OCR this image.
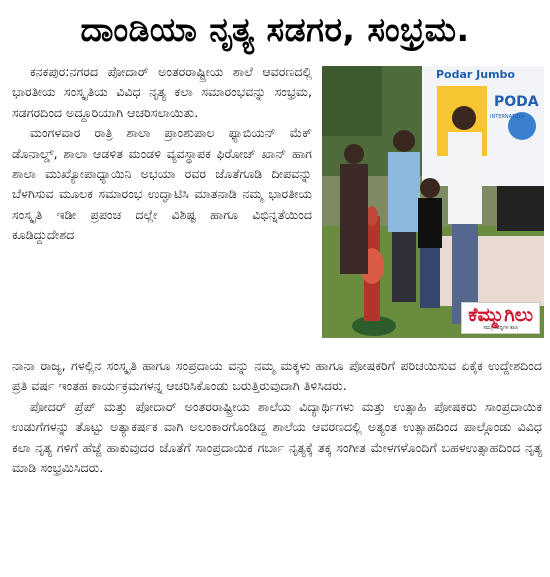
ದಾಂಡಿಯಾ ನೃತ್ಯ ಸಡಗರ, ಸಂಭ್ರಮ.

ಕನಕಪುರ:ನಗರದ ಪೋದಾರ್ ಅಂತರರಾಷ್ಟ್ರೀಯ ಶಾಲೆ ಆವರಣದಲ್ಲಿ ಭಾರತೀಯ ಸಂಸ್ಕೃತಿಯ ವಿವಿಧ ನೃತ್ಯ ಕಲಾ ಸಮಾರಂಭವನ್ನು ಸಂಭ್ರಮ, ಸಡಗರದಿಂದ ಅದ್ದೂರಿಯಾಗಿ ಆಚರಿಸಲಾಯಿತು.

ಮಂಗಳವಾರ ರಾತ್ರಿ ಶಾಲಾ ಪ್ರಾಂಶುಪಾಲ ಫ್ಯಾಬಿಯನ್ ಮೆಕ್ ಡೊನಾಲ್ಡ್, ಶಾಲಾ ಆಡಳಿತ ಮಂಡಳಿ ವ್ಯವಸ್ಥಾಪಕ ಫಿರೋಜ್ ಖಾನ್ ಹಾಗ ಶಾಲಾ ಮುಖ್ಯೋಪಾಧ್ಯಾಯಿನಿ ಅಭಯಾ ರವರ ಜೊತೆಗೂಡಿ ದೀಪವನ್ನು ಬೆಳಗಿಸುವ ಮೂಲಕ ಸಮಾರಂಭ ಉದ್ಘಾಟಿಸಿ ಮಾತನಾಡಿ ನಮ್ಮ ಭಾರತೀಯ ಸಂಸ್ಕೃತಿ ಇಡೀ ಪ್ರಪಂಚ ದಲ್ಲೇ ವಿಶಿಷ್ಟ ಹಾಗೂ ವಿಭಿನ್ನತೆಯಿಂದ ಕೂಡಿದ್ದುದೇಶದ

Podar Jumbo
PODA
INTERNATION
ಕೆಮ್ಮುಗಿಲು
ಸಮಗ್ರ ಸುದ್ದಿಗಳ ತಾಣ

ನಾನಾ ರಾಜ್ಯ, ಗಳಲ್ಲಿನ ಸಂಸ್ಕೃತಿ ಹಾಗೂ ಸಂಪ್ರದಾಯ ವನ್ನು ನಮ್ಮ ಮಕ್ಕಳು ಹಾಗೂ ಪೋಷಕರಿಗೆ ಪರಿಚಯಿಸುವ ಏಕೈಕ ಉದ್ದೇಶದಿಂದ ಪ್ರತಿ ವರ್ಷ ಇಂತಹ ಕಾರ್ಯಕ್ರಮಗಳನ್ನ ಆಚರಿಸಿಕೊಂಡು ಬರುತ್ತಿರುವುದಾಗಿ ತಿಳಿಸಿದರು.

ಪೋದರ್ ಪ್ರೆಪ್ ಮತ್ತು ಪೋದಾರ್ ಅಂತರರಾಷ್ಟ್ರೀಯ ಶಾಲೆಯ ವಿದ್ಯಾರ್ಥಿಗಳು ಮತ್ತು ಉತ್ಸಾಹಿ ಪೋಷಕರು ಸಾಂಪ್ರದಾಯಿಕ ಉಡುಗೆಗಳನ್ನು ತೊಟ್ಟು ಅತ್ಯಾಕರ್ಷಕ ವಾಗಿ ಅಲಂಕಾರಗೊಂಡಿದ್ದ ಶಾಲೆಯ ಆವರಣದಲ್ಲಿ ಅತ್ಯಂತ ಉತ್ಸಾಹದಿಂದ ಪಾಲ್ಗೊಂಡು ವಿವಿಧ ಕಲಾ ನೃತ್ಯ ಗಳಿಗೆ ಹೆಜ್ಜೆ ಹಾಕುವುದರ ಜೊತೆಗೆ ಸಾಂಪ್ರದಾಯಿಕ ಗರ್ಬಾ ನೃತ್ಯಕ್ಕೆ ತಕ್ಕ ಸಂಗೀತ ಮೇಳಗಳೊಂದಿಗೆ ಬಹಳಉತ್ಸಾಹದಿಂದ ನೃತ್ಯ ಮಾಡಿ ಸಂಭ್ರಮಿಸಿದರು.
